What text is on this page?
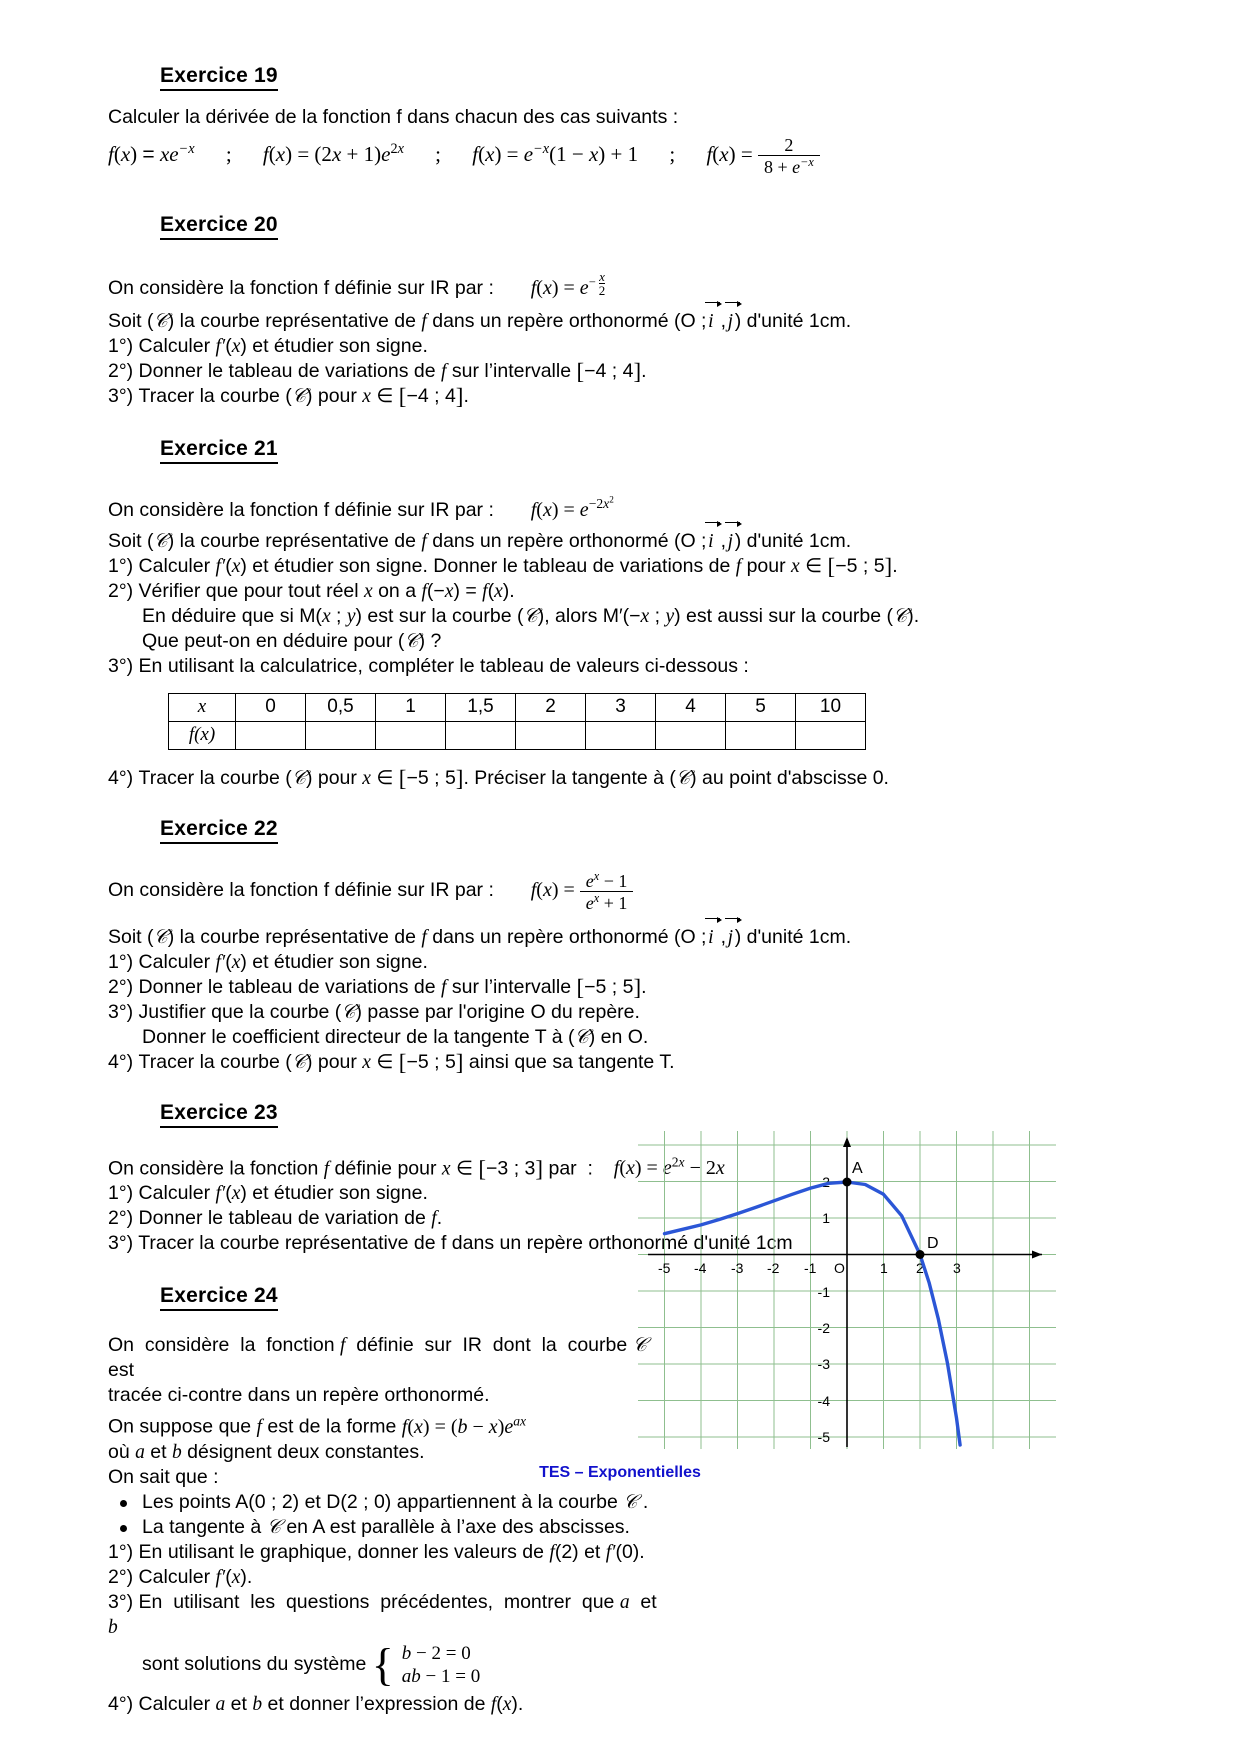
Exercice 19

Calculer la dérivée de la fonction f dans chacun des cas suivants :

$f(x) = xe^{-x}$ ; $f(x) = (2x + 1)e^{2x}$ ; $f(x) = e^{-x}(1 - x) + 1$ ; $f(x) = \frac{2}{8 + e^{-x}}$

Exercice 20

On considère la fonction f définie sur IR par : $f(x) = e^{- \frac{x}{2}}$

Soit (𝒞) la courbe représentative de f dans un repère orthonormé (O ; i  , j ) d'unité 1cm.

1°) Calculer f′(x) et étudier son signe.

2°) Donner le tableau de variations de f sur l’intervalle [−4 ; 4].

3°) Tracer la courbe (𝒞) pour x ∈ [−4 ; 4].

Exercice 21

On considère la fonction f définie sur IR par : $f(x) = e^{-2x^2}$

Soit (𝒞) la courbe représentative de f dans un repère orthonormé (O ; i  , j ) d'unité 1cm.

1°) Calculer f′(x) et étudier son signe. Donner le tableau de variations de f pour x ∈ [−5 ; 5].

2°) Vérifier que pour tout réel x on a f(−x) = f(x).

En déduire que si M(x ; y) est sur la courbe (𝒞), alors M′(−x ; y) est aussi sur la courbe (𝒞).

Que peut-on en déduire pour (𝒞) ?

3°) En utilisant la calculatrice, compléter le tableau de valeurs ci-dessous :

x	0	0,5	1	1,5	2	3	4	5	10
f(x)									

4°) Tracer la courbe (𝒞) pour x ∈ [−5 ; 5]. Préciser la tangente à (𝒞) au point d'abscisse 0.

Exercice 22

On considère la fonction f définie sur IR par : $f(x) = \frac{e^x - 1}{e^x + 1}$

Soit (𝒞) la courbe représentative de f dans un repère orthonormé (O ; i  , j ) d'unité 1cm.

1°) Calculer f′(x) et étudier son signe.

2°) Donner le tableau de variations de f sur l’intervalle [−5 ; 5].

3°) Justifier que la courbe (𝒞) passe par l'origine O du repère.

Donner le coefficient directeur de la tangente T à (𝒞) en O.

4°) Tracer la courbe (𝒞) pour x ∈ [−5 ; 5] ainsi que sa tangente T.

Exercice 23

On considère la fonction f définie pour x ∈ [−3 ; 3] par  :  $f(x) = e^{2x} - 2x$

1°) Calculer f′(x) et étudier son signe.

2°) Donner le tableau de variation de f.

3°) Tracer la courbe représentative de f dans un repère orthonormé d'unité 1cm

Exercice 24

On  considère  la  fonction f  définie  sur  IR  dont  la  courbe 𝒞  est

tracée ci-contre dans un repère orthonormé.

On suppose que f est de la forme $f(x) = (b - x)e^{ax}$

où a et b désignent deux constantes.

On sait que :

Les points A(0 ; 2) et D(2 ; 0) appartiennent à la courbe 𝒞 .

La tangente à 𝒞 en A est parallèle à l’axe des abscisses.

1°) En utilisant le graphique, donner les valeurs de f(2) et f′(0).

2°) Calculer f′(x).

3°) En  utilisant  les  questions  précédentes,  montrer  que a  et b

sont solutions du système { b − 2 = 0
ab − 1 = 0

4°) Calculer a et b et donner l’expression de f(x).

-5 -4 -3 -2 -1 O	1 2 3
2
1
-1
-2
-3
-4
-5
A
D
TES – Exponentielles
